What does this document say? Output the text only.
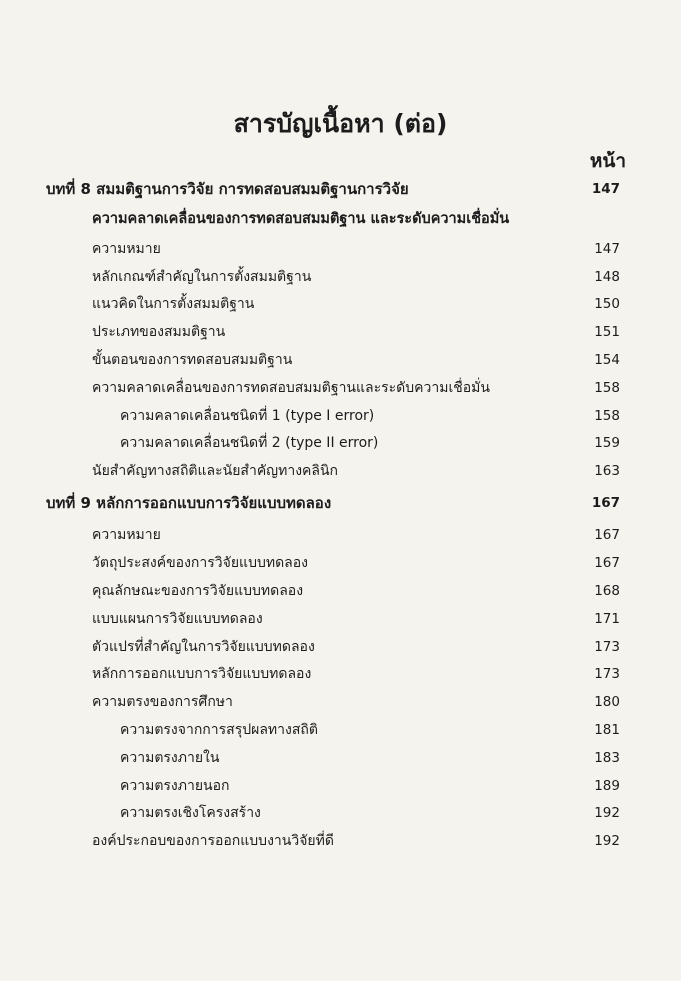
สารบัญเนื้อหา (ต่อ)
หน้า
บทที่ 8 สมมติฐานการวิจัย การทดสอบสมมติฐานการวิจัย	147
ความคลาดเคลื่อนของการทดสอบสมมติฐาน และระดับความเชื่อมั่น
ความหมาย	147
หลักเกณฑ์สำคัญในการตั้งสมมติฐาน	148
แนวคิดในการตั้งสมมติฐาน	150
ประเภทของสมมติฐาน	151
ขั้นตอนของการทดสอบสมมติฐาน	154
ความคลาดเคลื่อนของการทดสอบสมมติฐานและระดับความเชื่อมั่น	158
ความคลาดเคลื่อนชนิดที่ 1 (type I error)	158
ความคลาดเคลื่อนชนิดที่ 2 (type II error)	159
นัยสำคัญทางสถิติและนัยสำคัญทางคลินิก	163
บทที่ 9 หลักการออกแบบการวิจัยแบบทดลอง	167
ความหมาย	167
วัตถุประสงค์ของการวิจัยแบบทดลอง	167
คุณลักษณะของการวิจัยแบบทดลอง	168
แบบแผนการวิจัยแบบทดลอง	171
ตัวแปรที่สำคัญในการวิจัยแบบทดลอง	173
หลักการออกแบบการวิจัยแบบทดลอง	173
ความตรงของการศึกษา	180
ความตรงจากการสรุปผลทางสถิติ	181
ความตรงภายใน	183
ความตรงภายนอก	189
ความตรงเชิงโครงสร้าง	192
องค์ประกอบของการออกแบบงานวิจัยที่ดี	192
